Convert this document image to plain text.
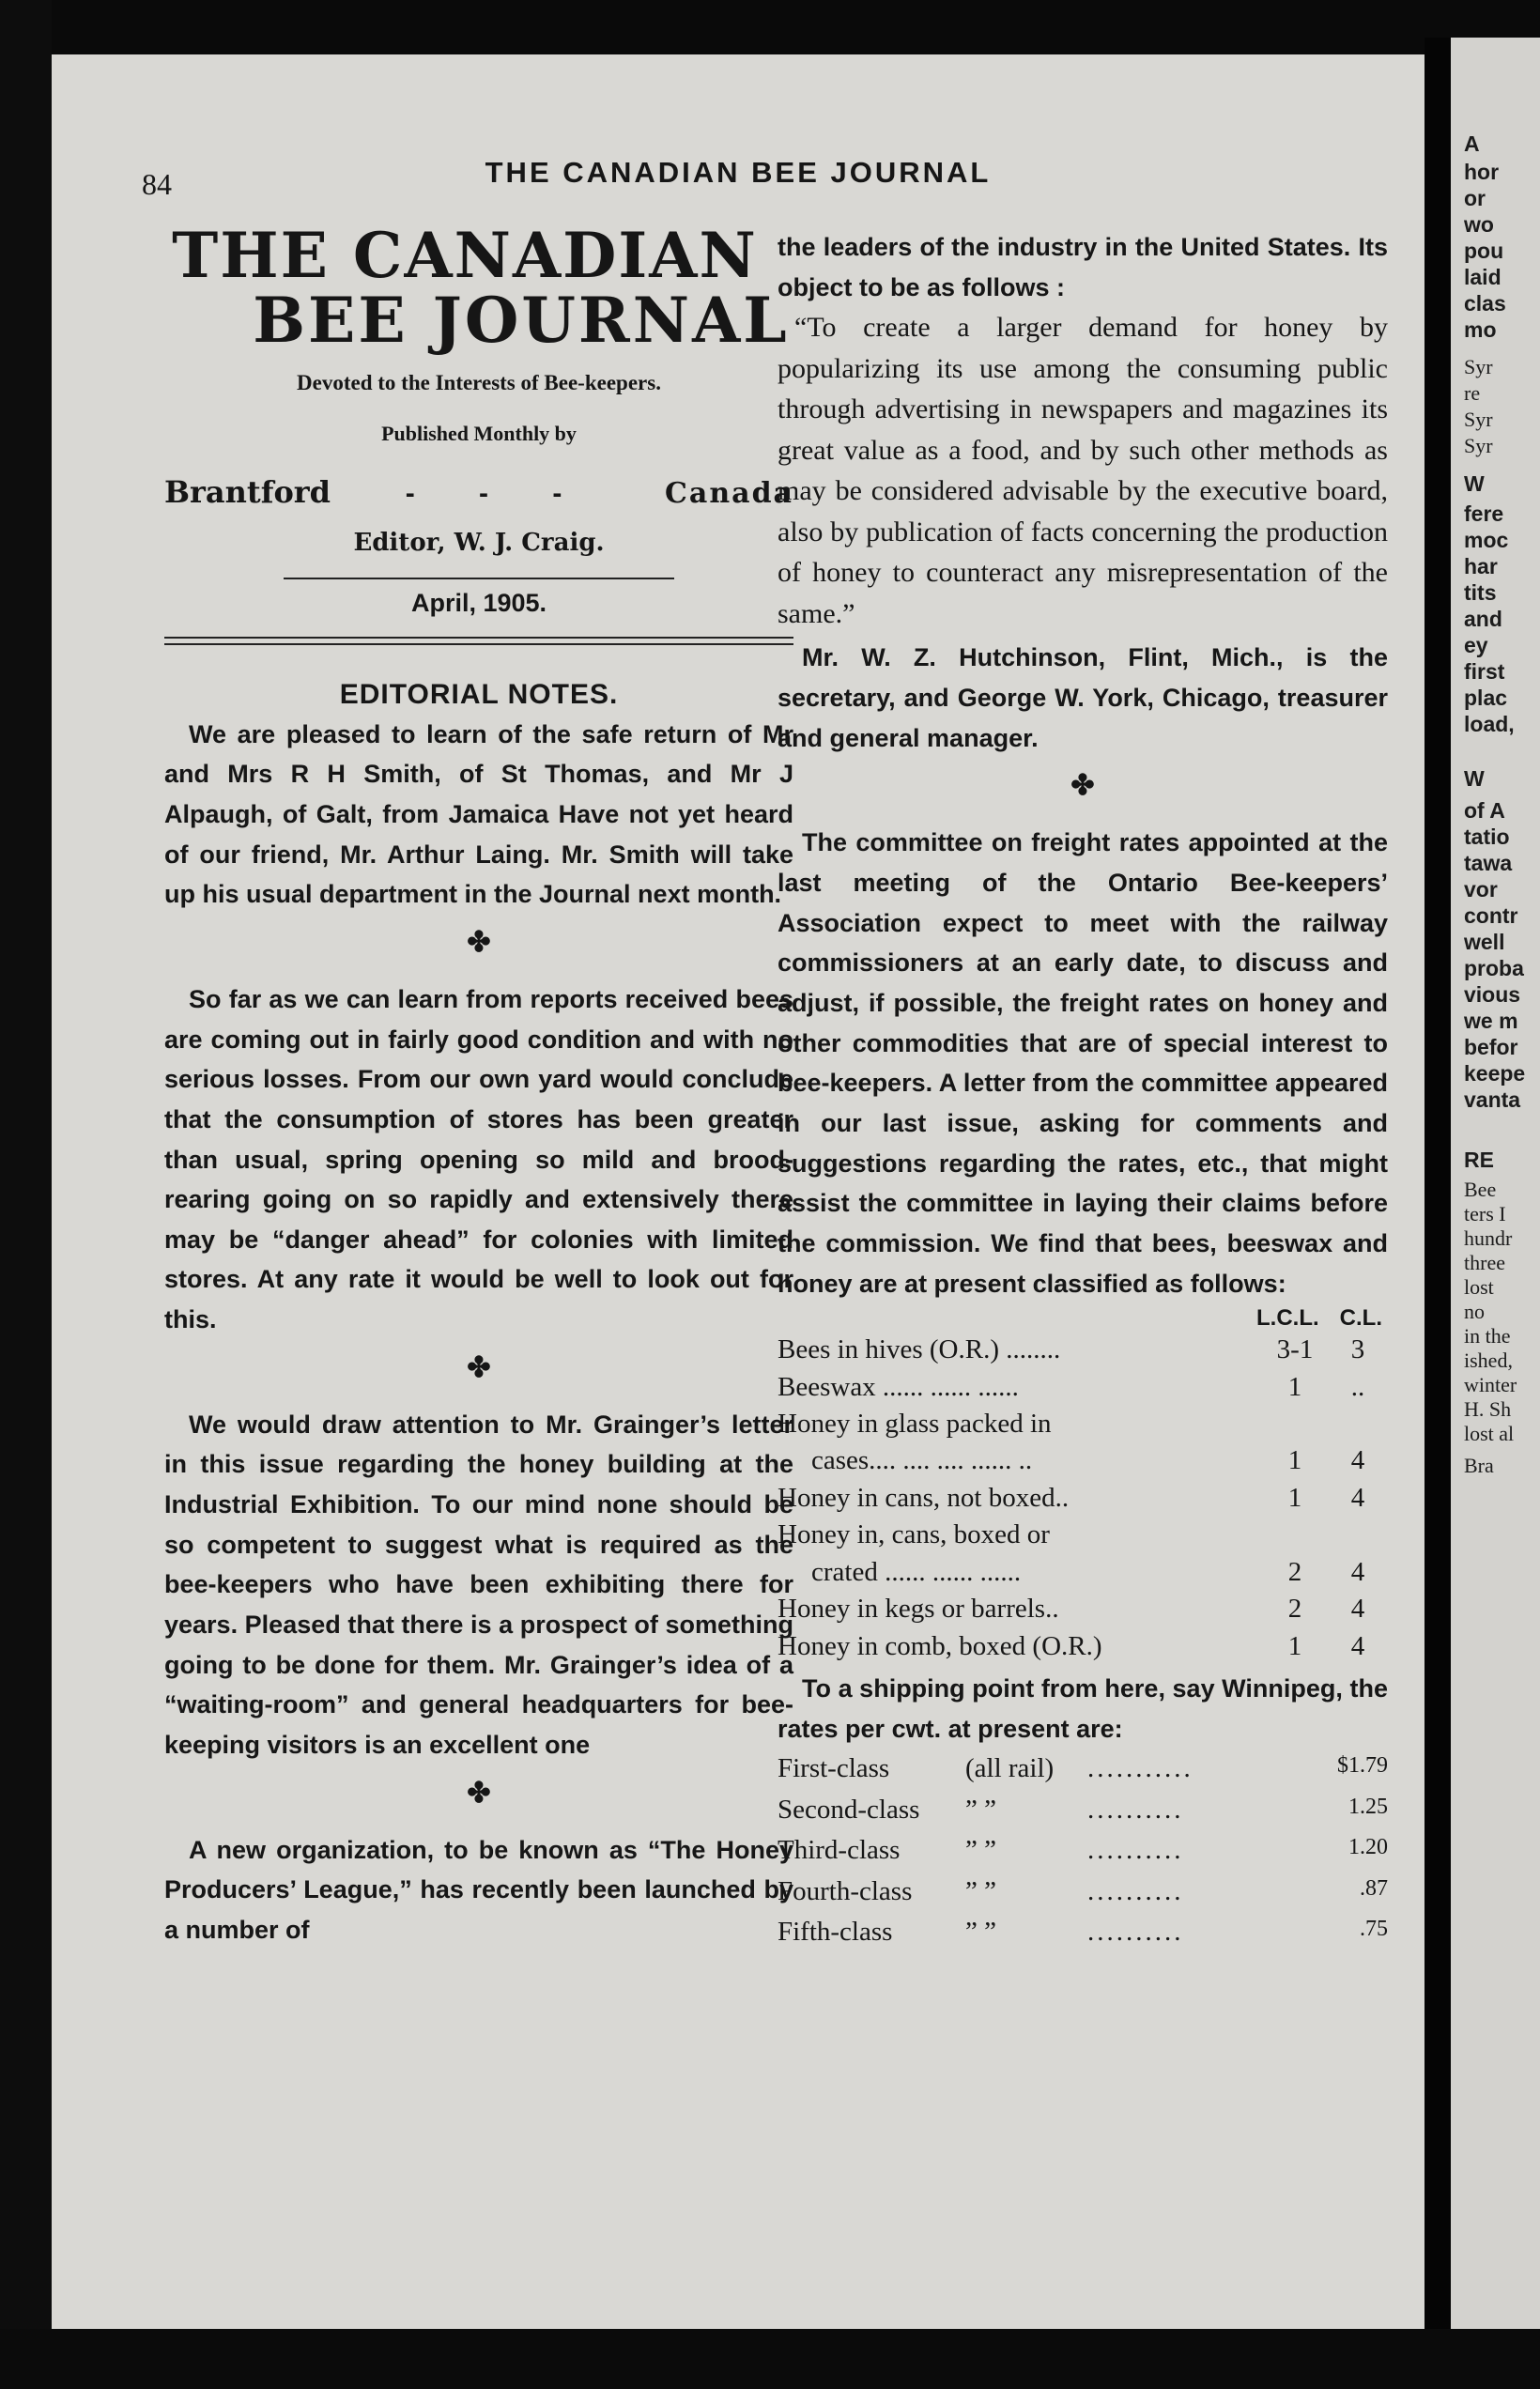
84	THE CANADIAN BEE JOURNAL
THE CANADIAN
BEE JOURNAL
Devoted to the Interests of Bee-keepers.
Published Monthly by
Brantford	- - -	Canada
Editor, W. J. Craig.
April, 1905.
EDITORIAL NOTES.

We are pleased to learn of the safe return of Mr and Mrs R H Smith, of St Thomas, and Mr J Alpaugh, of Galt, from Jamaica Have not yet heard of our friend, Mr. Arthur Laing. Mr. Smith will take up his usual department in the Journal next month.

✤

So far as we can learn from reports received bees are coming out in fairly good condition and with no serious losses. From our own yard would conclude that the consumption of stores has been greater than usual, spring opening so mild and brood-rearing going on so rapidly and extensively there may be “danger ahead” for colonies with limited stores. At any rate it would be well to look out for this.

✤

We would draw attention to Mr. Grainger’s letter in this issue regarding the honey building at the Industrial Exhibition. To our mind none should be so competent to suggest what is required as the bee-keepers who have been exhibiting there for years. Pleased that there is a prospect of something going to be done for them. Mr. Grainger’s idea of a “waiting-room” and general headquarters for bee-keeping visitors is an excellent one

✤

A new organization, to be known as “The Honey Producers’ League,” has recently been launched by a number of

the leaders of the industry in the United States. Its object to be as follows :

“To create a larger demand for honey by popularizing its use among the consuming public through advertising in newspapers and magazines its great value as a food, and by such other methods as may be considered advisable by the executive board, also by publication of facts concerning the production of honey to counteract any misrepresentation of the same.”

Mr. W. Z. Hutchinson, Flint, Mich., is the secretary, and George W. York, Chicago, treasurer and general manager.

✤

The committee on freight rates appointed at the last meeting of the Ontario Bee-keepers’ Association expect to meet with the railway commissioners at an early date, to discuss and adjust, if possible, the freight rates on honey and other commodities that are of special interest to bee-keepers. A letter from the committee appeared in our last issue, asking for comments and suggestions regarding the rates, etc., that might assist the committee in laying their claims before the commission. We find that bees, beeswax and honey are at present classified as follows:

L.C.L. C.L.
Bees in hives (O.R.) ........	3-1	3
Beeswax ...... ...... ......	1	..
Honey in glass packed in
cases.... .... .... ...... ..	1	4
Honey in cans, not boxed..	1	4
Honey in, cans, boxed or
crated ...... ...... ......	2	4
Honey in kegs or barrels..	2	4
Honey in comb, boxed (O.R.)	1	4

To a shipping point from here, say Winnipeg, the rates per cwt. at present are:

First-class	(all rail)	...........	$1.79
Second-class	” ”	..........	1.25
Third-class	” ”	..........	1.20
Fourth-class	” ”	..........	.87
Fifth-class	” ”	..........	.75
A
hor
or
wo
pou
laid
clas
mo
Syr
re
Syr
Syr
W
fere
moc
har
tits
and
ey
first
plac
load,
W
of A
tatio
tawa
vor
contr
well
proba
vious
we m
befor
keepe
vanta
RE
Bee
ters I
hundr
three
lost
no
in the
ished,
winter
H. Sh
lost al
Bra
